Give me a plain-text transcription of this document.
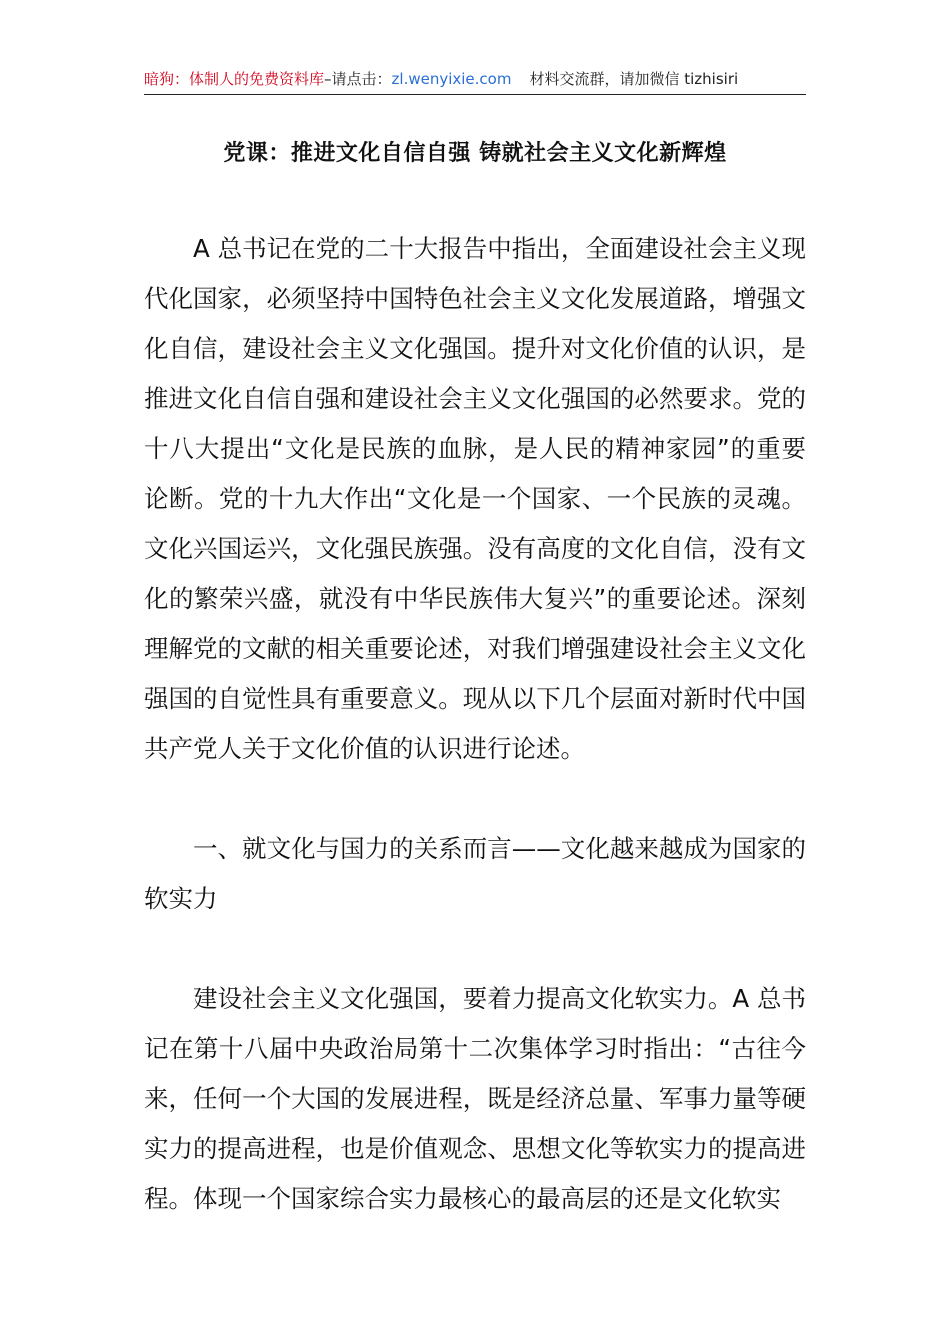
暗狗：体制人的免费资料库–请点击：zl.wenyixie.com 材料交流群，请加微信 tizhisiri
党课：推进文化自信自强 铸就社会主义文化新辉煌

A 总书记在党的二十大报告中指出，全面建设社会主义现代化国家，必须坚持中国特色社会主义文化发展道路，增强文化自信，建设社会主义文化强国。提升对文化价值的认识，是推进文化自信自强和建设社会主义文化强国的必然要求。党的十八大提出“文化是民族的血脉，是人民的精神家园”的重要论断。党的十九大作出“文化是一个国家、一个民族的灵魂。文化兴国运兴，文化强民族强。没有高度的文化自信，没有文化的繁荣兴盛，就没有中华民族伟大复兴”的重要论述。深刻理解党的文献的相关重要论述，对我们增强建设社会主义文化强国的自觉性具有重要意义。现从以下几个层面对新时代中国共产党人关于文化价值的认识进行论述。

一、就文化与国力的关系而言——文化越来越成为国家的软实力

建设社会主义文化强国，要着力提高文化软实力。A 总书记在第十八届中央政治局第十二次集体学习时指出：“古往今来，任何一个大国的发展进程，既是经济总量、军事力量等硬实力的提高进程，也是价值观念、思想文化等软实力的提高进程。体现一个国家综合实力最核心的最高层的还是文化软实
